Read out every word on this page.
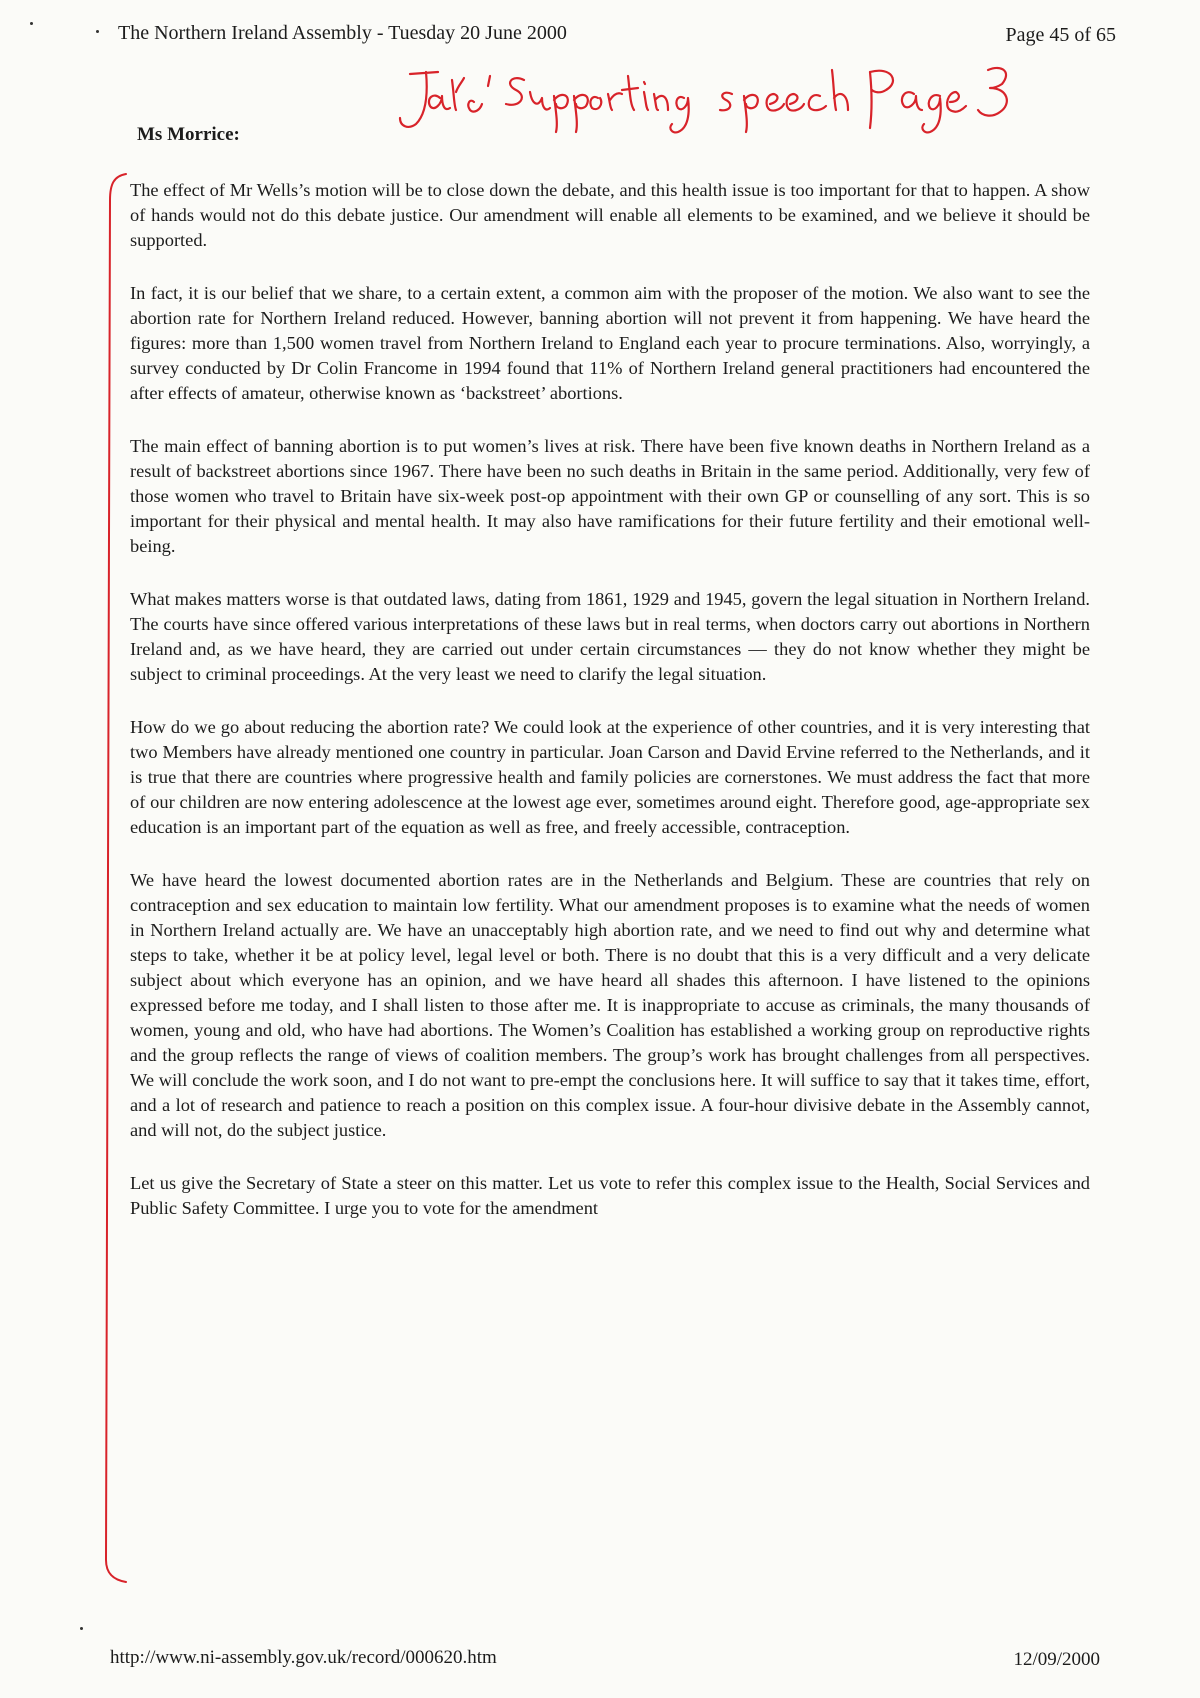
The Northern Ireland Assembly - Tuesday 20 June 2000	Page 45 of 65
Ms Morrice:

The effect of Mr Wells’s motion will be to close down the debate, and this health issue is too important for that to happen. A show of hands would not do this debate justice. Our amendment will enable all elements to be examined, and we believe it should be supported.

In fact, it is our belief that we share, to a certain extent, a common aim with the proposer of the motion. We also want to see the abortion rate for Northern Ireland reduced. However, banning abortion will not prevent it from happening. We have heard the figures: more than 1,500 women travel from Northern Ireland to England each year to procure terminations. Also, worryingly, a survey conducted by Dr Colin Francome in 1994 found that 11% of Northern Ireland general practitioners had encountered the after effects of amateur, otherwise known as ‘backstreet’ abortions.

The main effect of banning abortion is to put women’s lives at risk. There have been five known deaths in Northern Ireland as a result of backstreet abortions since 1967. There have been no such deaths in Britain in the same period. Additionally, very few of those women who travel to Britain have six-week post-op appointment with their own GP or counselling of any sort. This is so important for their physical and mental health. It may also have ramifications for their future fertility and their emotional well-being.

What makes matters worse is that outdated laws, dating from 1861, 1929 and 1945, govern the legal situation in Northern Ireland. The courts have since offered various interpretations of these laws but in real terms, when doctors carry out abortions in Northern Ireland and, as we have heard, they are carried out under certain circumstances — they do not know whether they might be subject to criminal proceedings. At the very least we need to clarify the legal situation.

How do we go about reducing the abortion rate? We could look at the experience of other countries, and it is very interesting that two Members have already mentioned one country in particular. Joan Carson and David Ervine referred to the Netherlands, and it is true that there are countries where progressive health and family policies are cornerstones. We must address the fact that more of our children are now entering adolescence at the lowest age ever, sometimes around eight. Therefore good, age-appropriate sex education is an important part of the equation as well as free, and freely accessible, contraception.

We have heard the lowest documented abortion rates are in the Netherlands and Belgium. These are countries that rely on contraception and sex education to maintain low fertility. What our amendment proposes is to examine what the needs of women in Northern Ireland actually are. We have an unacceptably high abortion rate, and we need to find out why and determine what steps to take, whether it be at policy level, legal level or both. There is no doubt that this is a very difficult and a very delicate subject about which everyone has an opinion, and we have heard all shades this afternoon. I have listened to the opinions expressed before me today, and I shall listen to those after me. It is inappropriate to accuse as criminals, the many thousands of women, young and old, who have had abortions. The Women’s Coalition has established a working group on reproductive rights and the group reflects the range of views of coalition members. The group’s work has brought challenges from all perspectives. We will conclude the work soon, and I do not want to pre-empt the conclusions here. It will suffice to say that it takes time, effort, and a lot of research and patience to reach a position on this complex issue. A four-hour divisive debate in the Assembly cannot, and will not, do the subject justice.

Let us give the Secretary of State a steer on this matter. Let us vote to refer this complex issue to the Health, Social Services and Public Safety Committee. I urge you to vote for the amendment

http://www.ni-assembly.gov.uk/record/000620.htm	12/09/2000
